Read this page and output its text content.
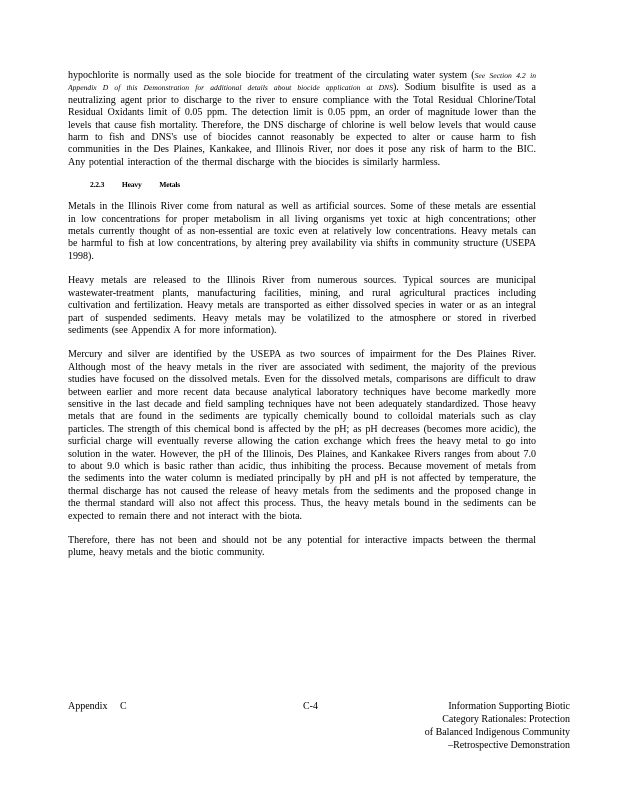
hypochlorite is normally used as the sole biocide for treatment of the circulating water system (See Section 4.2 in Appendix D of this Demonstration for additional details about biocide application at DNS). Sodium bisulfite is used as a neutralizing agent prior to discharge to the river to ensure compliance with the Total Residual Chlorine/Total Residual Oxidants limit of 0.05 ppm. The detection limit is 0.05 ppm, an order of magnitude lower than the levels that cause fish mortality. Therefore, the DNS discharge of chlorine is well below levels that would cause harm to fish and DNS's use of biocides cannot reasonably be expected to alter or cause harm to fish communities in the Des Plaines, Kankakee, and Illinois River, nor does it pose any risk of harm to the BIC. Any potential interaction of the thermal discharge with the biocides is similarly harmless.

2.2.3 Heavy Metals

Metals in the Illinois River come from natural as well as artificial sources. Some of these metals are essential in low concentrations for proper metabolism in all living organisms yet toxic at high concentrations; other metals currently thought of as non-essential are toxic even at relatively low concentrations. Heavy metals can be harmful to fish at low concentrations, by altering prey availability via shifts in community structure (USEPA 1998).

Heavy metals are released to the Illinois River from numerous sources. Typical sources are municipal wastewater-treatment plants, manufacturing facilities, mining, and rural agricultural practices including cultivation and fertilization. Heavy metals are transported as either dissolved species in water or as an integral part of suspended sediments. Heavy metals may be volatilized to the atmosphere or stored in riverbed sediments (see Appendix A for more information).

Mercury and silver are identified by the USEPA as two sources of impairment for the Des Plaines River. Although most of the heavy metals in the river are associated with sediment, the majority of the previous studies have focused on the dissolved metals. Even for the dissolved metals, comparisons are difficult to draw between earlier and more recent data because analytical laboratory techniques have become markedly more sensitive in the last decade and field sampling techniques have not been adequately standardized. Those heavy metals that are found in the sediments are typically chemically bound to colloidal materials such as clay particles. The strength of this chemical bond is affected by the pH; as pH decreases (becomes more acidic), the surficial charge will eventually reverse allowing the cation exchange which frees the heavy metal to go into solution in the water. However, the pH of the Illinois, Des Plaines, and Kankakee Rivers ranges from about 7.0 to about 9.0 which is basic rather than acidic, thus inhibiting the process. Because movement of metals from the sediments into the water column is mediated principally by pH and pH is not affected by temperature, the thermal discharge has not caused the release of heavy metals from the sediments and the proposed change in the thermal standard will also not affect this process. Thus, the heavy metals bound in the sediments can be expected to remain there and not interact with the biota.

Therefore, there has not been and should not be any potential for interactive impacts between the thermal plume, heavy metals and the biotic community.

Appendix C	C-4	Information Supporting Biotic
Category Rationales: Protection
of Balanced Indigenous Community
–Retrospective Demonstration
